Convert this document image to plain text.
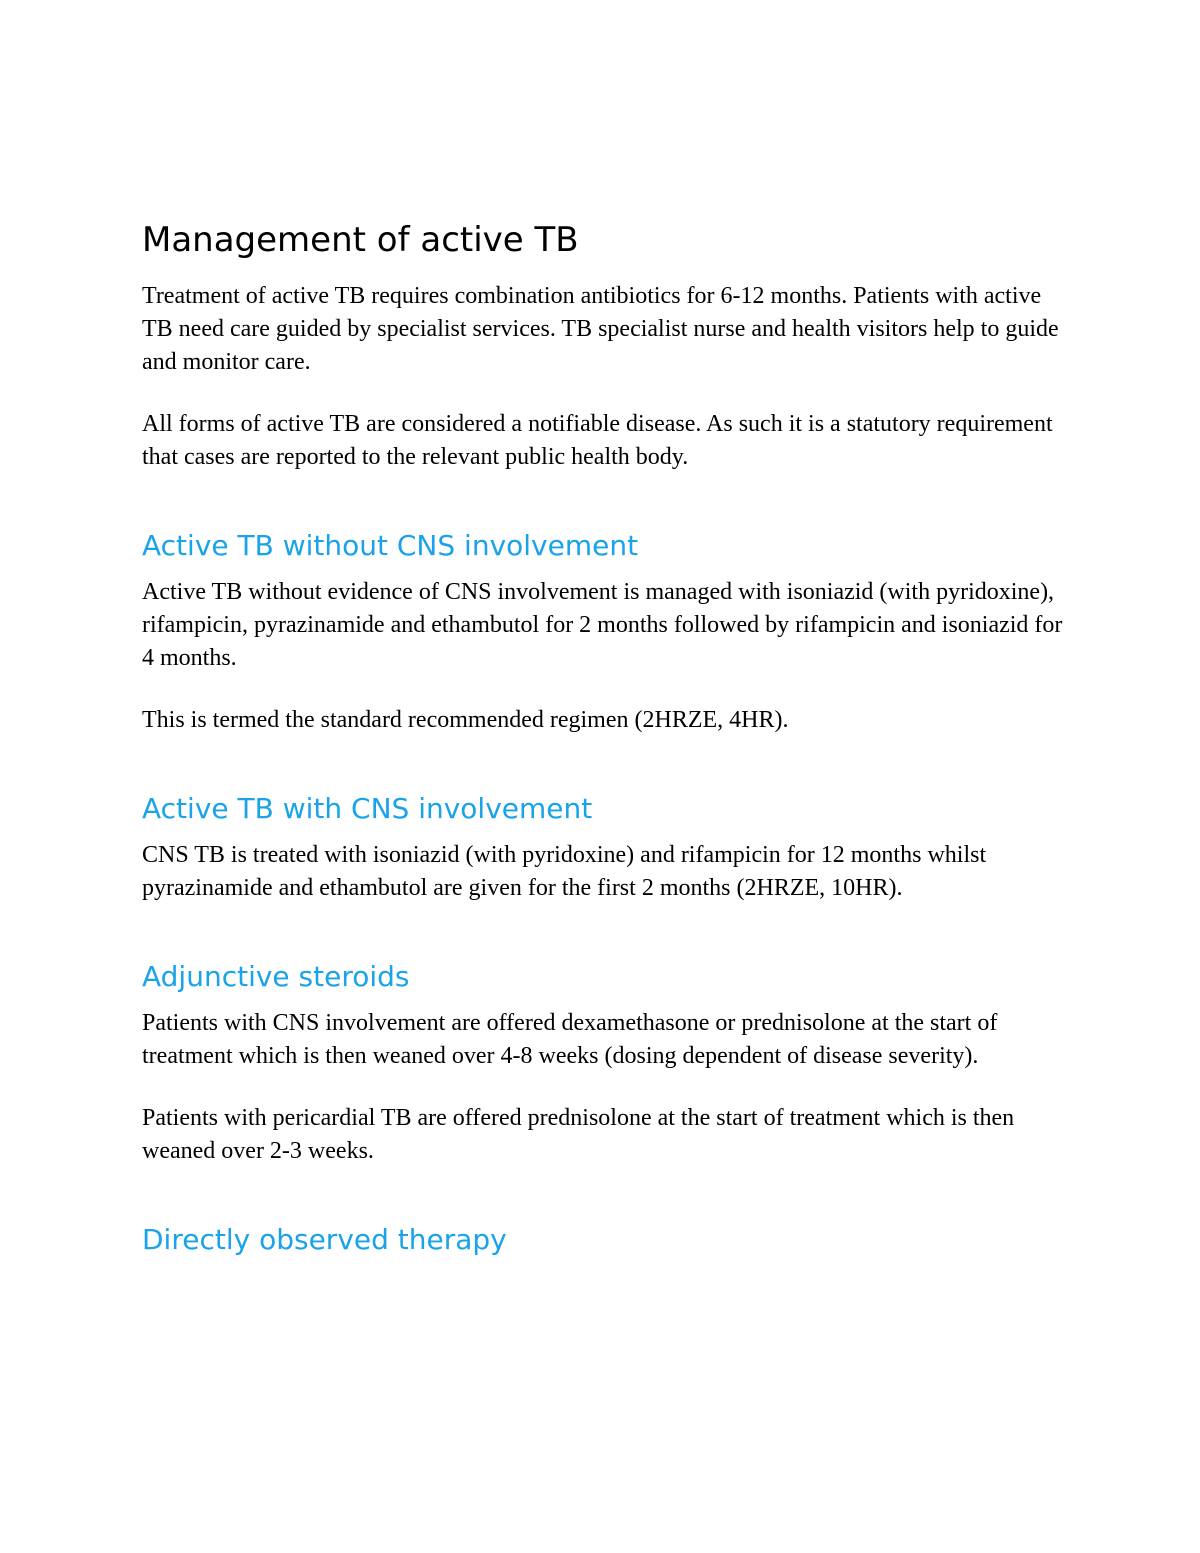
Management of active TB

Treatment of active TB requires combination antibiotics for 6-12 months. Patients with active TB need care guided by specialist services. TB specialist nurse and health visitors help to guide and monitor care.

All forms of active TB are considered a notifiable disease. As such it is a statutory requirement that cases are reported to the relevant public health body.

Active TB without CNS involvement

Active TB without evidence of CNS involvement is managed with isoniazid (with pyridoxine), rifampicin, pyrazinamide and ethambutol for 2 months followed by rifampicin and isoniazid for 4 months.

This is termed the standard recommended regimen (2HRZE, 4HR).

Active TB with CNS involvement

CNS TB is treated with isoniazid (with pyridoxine) and rifampicin for 12 months whilst pyrazinamide and ethambutol are given for the first 2 months (2HRZE, 10HR).

Adjunctive steroids

Patients with CNS involvement are offered dexamethasone or prednisolone at the start of treatment which is then weaned over 4-8 weeks (dosing dependent of disease severity).

Patients with pericardial TB are offered prednisolone at the start of treatment which is then weaned over 2-3 weeks.

Directly observed therapy
